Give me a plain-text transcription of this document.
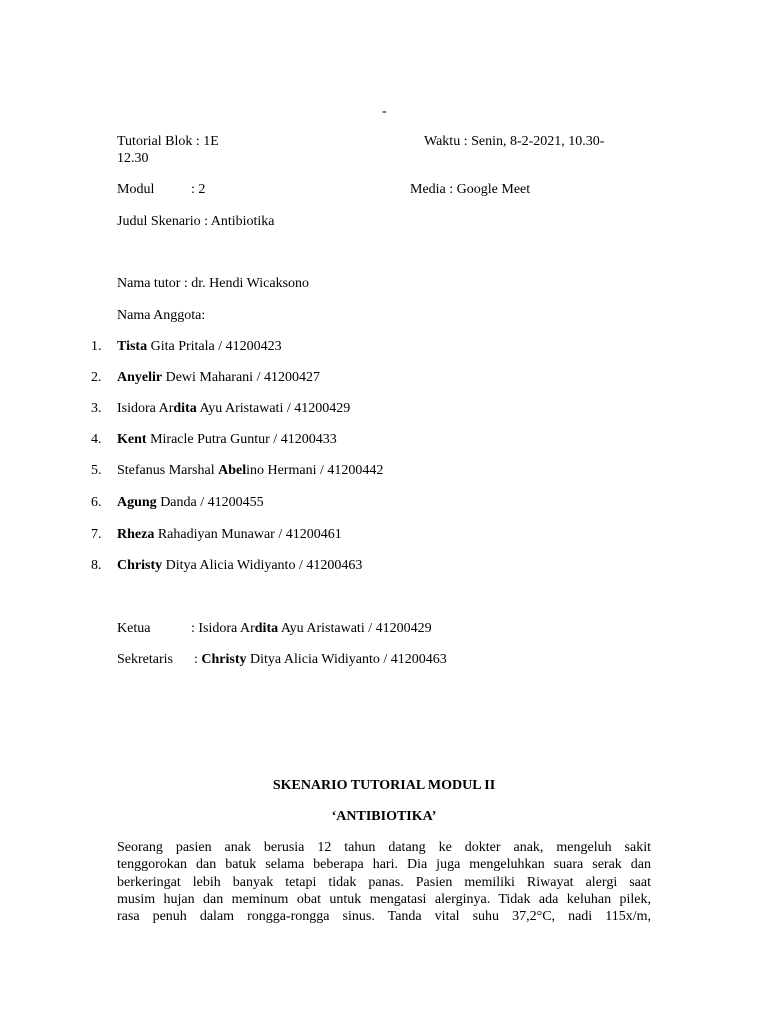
-
Tutorial Blok : 1E	Waktu : Senin, 8-2-2021, 10.30-
12.30
Modul	: 2	Media : Google Meet
Judul Skenario : Antibiotika
Nama tutor : dr. Hendi Wicaksono
Nama Anggota:
1. Tista Gita Pritala / 41200423
2. Anyelir Dewi Maharani / 41200427
3. Isidora Ardita Ayu Aristawati / 41200429
4. Kent Miracle Putra Guntur / 41200433
5. Stefanus Marshal Abelino Hermani / 41200442
6. Agung Danda / 41200455
7. Rheza Rahadiyan Munawar / 41200461
8. Christy Ditya Alicia Widiyanto / 41200463
Ketua	: Isidora Ardita Ayu Aristawati / 41200429
Sekretaris : Christy Ditya Alicia Widiyanto / 41200463
SKENARIO TUTORIAL MODUL II
‘ANTIBIOTIKA’
Seorang pasien anak berusia 12 tahun datang ke dokter anak, mengeluh sakit
tenggorokan dan batuk selama beberapa hari. Dia juga mengeluhkan suara serak dan
berkeringat lebih banyak tetapi tidak panas. Pasien memiliki Riwayat alergi saat
musim hujan dan meminum obat untuk mengatasi alerginya. Tidak ada keluhan pilek,
rasa penuh dalam rongga-rongga sinus. Tanda vital suhu 37,2°C, nadi 115x/m,
